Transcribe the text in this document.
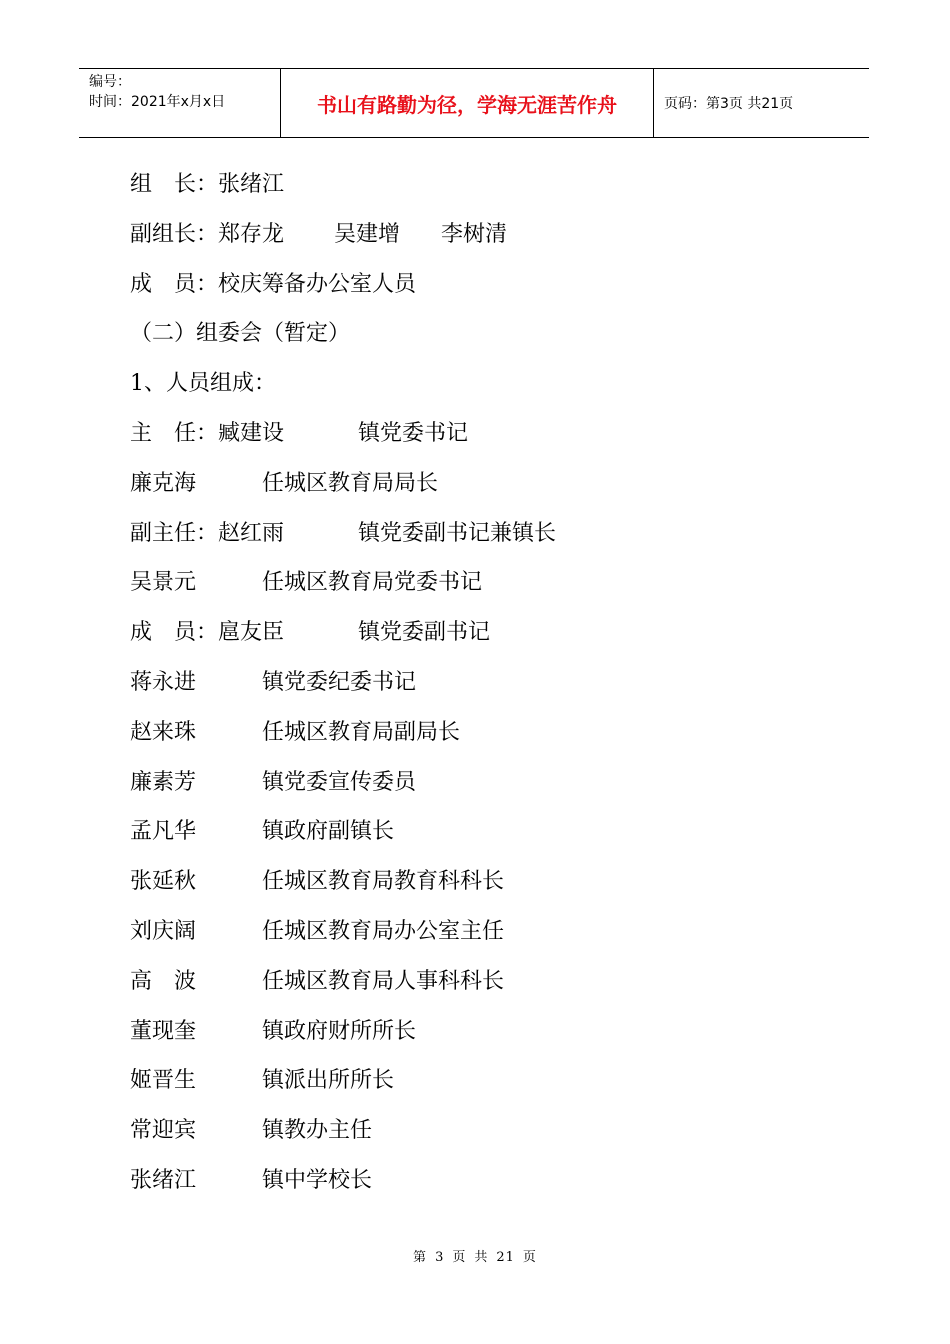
编号：
时间：2021年x月x日	书山有路勤为径，学海无涯苦作舟	页码：第3页 共21页
组　长：张绪江
副组长：郑存龙 吴建增 李树清
成　员：校庆筹备办公室人员
（二）组委会（暂定）
1、人员组成：
主　任：臧建设	镇党委书记
廉克海	任城区教育局局长
副主任：赵红雨	镇党委副书记兼镇长
吴景元	任城区教育局党委书记
成　员：扈友臣	镇党委副书记
蒋永进	镇党委纪委书记
赵来珠	任城区教育局副局长
廉素芳	镇党委宣传委员
孟凡华	镇政府副镇长
张延秋	任城区教育局教育科科长
刘庆阔	任城区教育局办公室主任
高　波	任城区教育局人事科科长
董现奎	镇政府财所所长
姬晋生	镇派出所所长
常迎宾	镇教办主任
张绪江	镇中学校长
第 3 页 共 21 页
